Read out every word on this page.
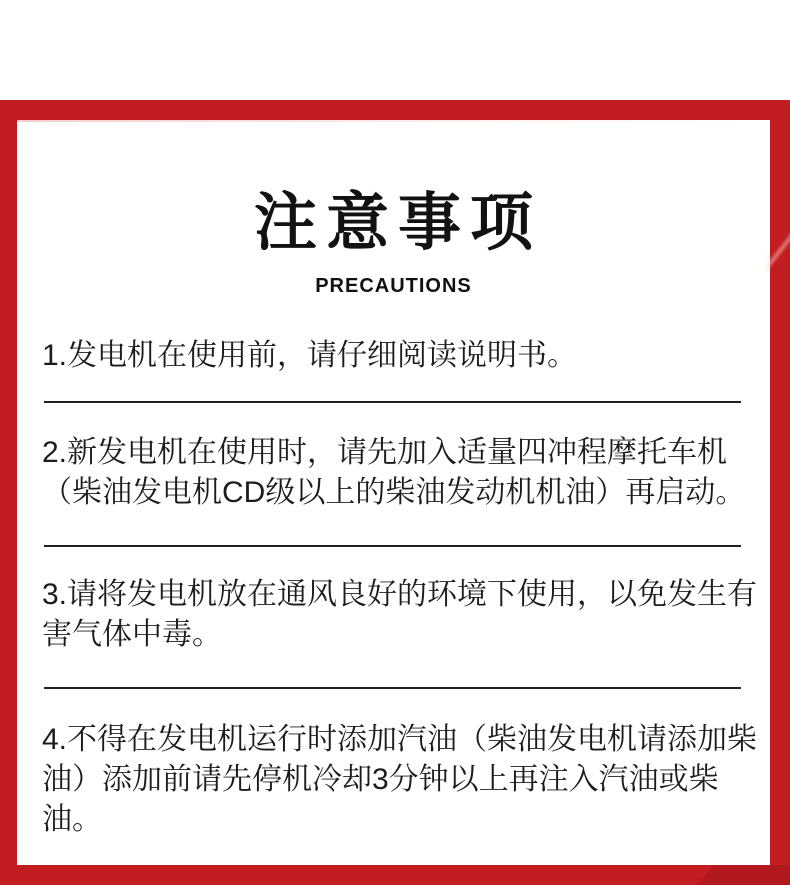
注意事项
PRECAUTIONS

1.发电机在使用前，请仔细阅读说明书。

2.新发电机在使用时，请先加入适量四冲程摩托车机（柴油发电机CD级以上的柴油发动机机油）再启动。

3.请将发电机放在通风良好的环境下使用，以免发生有害气体中毒。

4.不得在发电机运行时添加汽油（柴油发电机请添加柴油）添加前请先停机冷却3分钟以上再注入汽油或柴油。
